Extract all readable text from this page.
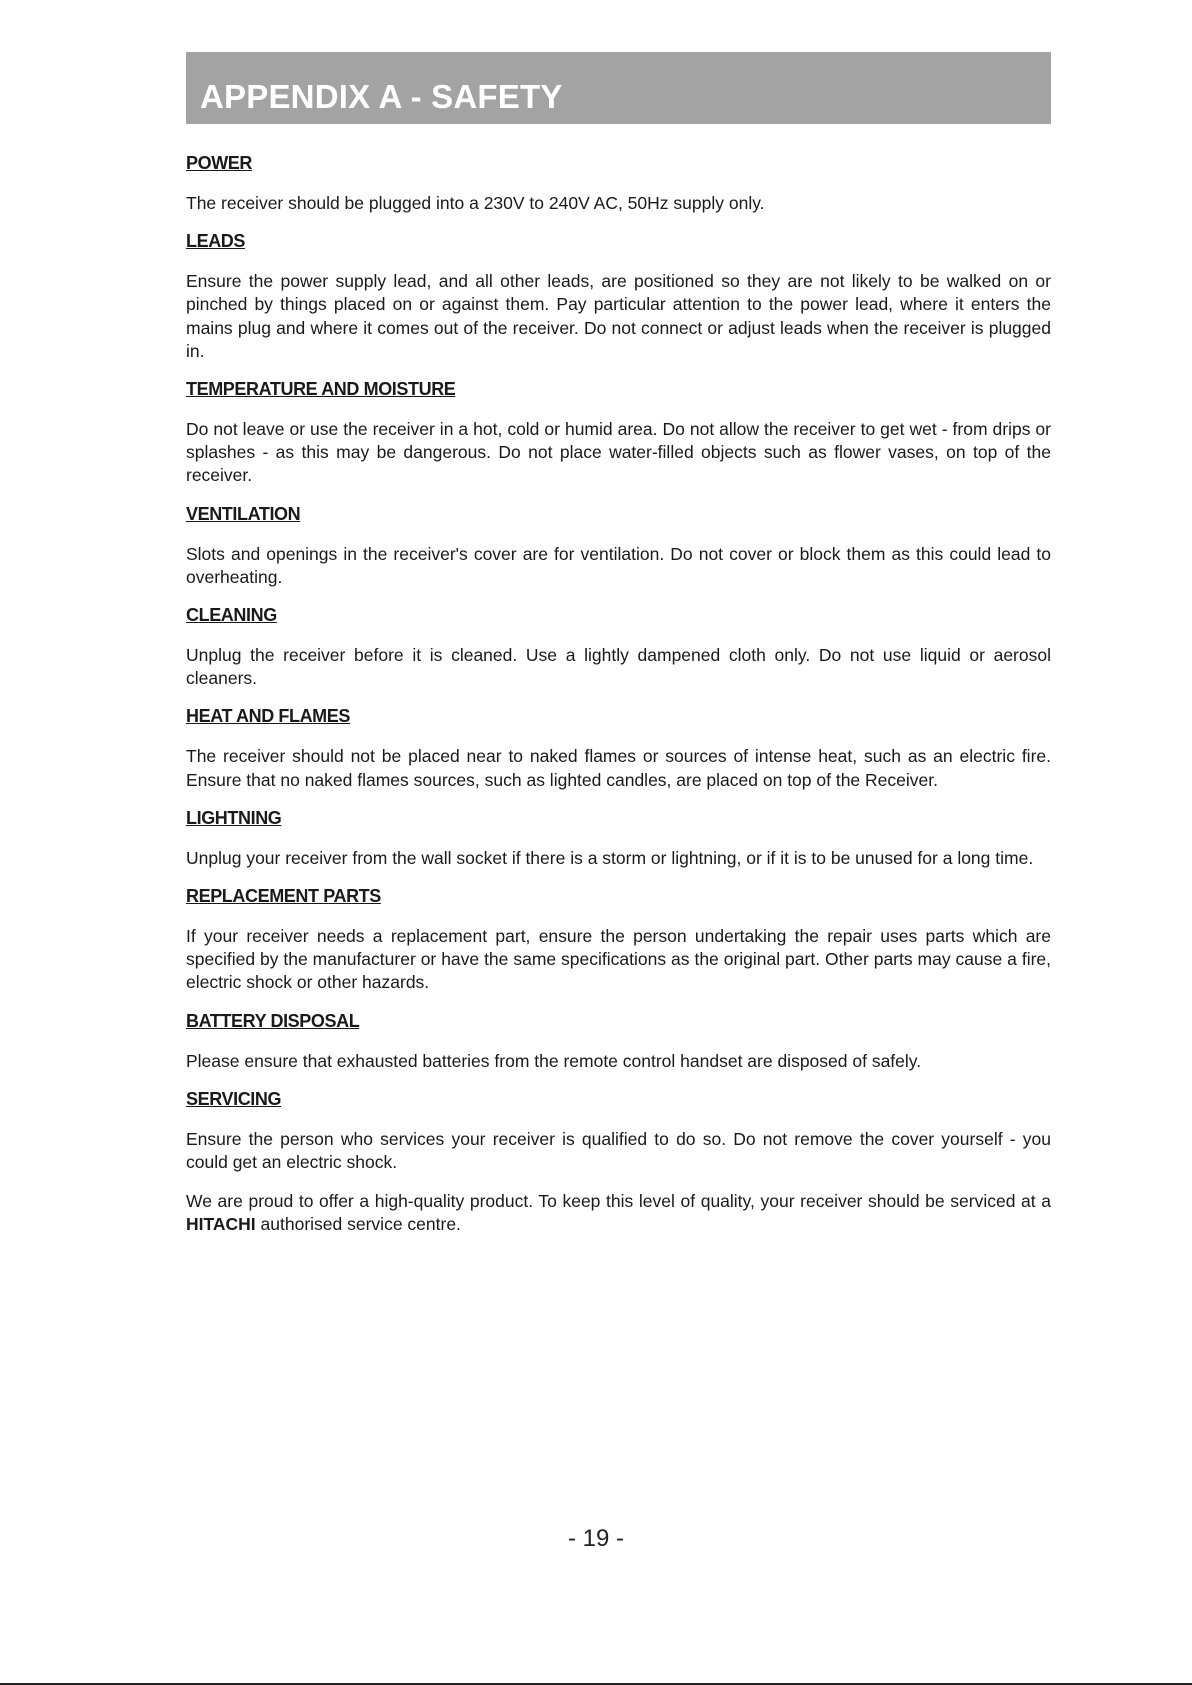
APPENDIX A - SAFETY
POWER

The receiver should be plugged into a 230V to 240V AC, 50Hz supply only.

LEADS

Ensure the power supply lead, and all other leads, are positioned so they are not likely to be walked on or pinched by things placed on or against them. Pay particular attention to the power lead, where it enters the mains plug and where it comes out of the receiver. Do not connect or adjust leads when the receiver is plugged in.

TEMPERATURE AND MOISTURE

Do not leave or use the receiver in a hot, cold or humid area. Do not allow the receiver to get wet - from drips or splashes - as this may be dangerous. Do not place water-filled objects such as flower vases, on top of the receiver.

VENTILATION

Slots and openings in the receiver's cover are for ventilation. Do not cover or block them as this could lead to overheating.

CLEANING

Unplug the receiver before it is cleaned. Use a lightly dampened cloth only. Do not use liquid or aerosol cleaners.

HEAT AND FLAMES

The receiver should not be placed near to naked flames or sources of intense heat, such as an electric fire. Ensure that no naked flames sources, such as lighted candles, are placed on top of the Receiver.

LIGHTNING

Unplug your receiver from the wall socket if there is a storm or lightning, or if it is to be unused for a long time.

REPLACEMENT PARTS

If your receiver needs a replacement part, ensure the person undertaking the repair uses parts which are specified by the manufacturer or have the same specifications as the original part. Other parts may cause a fire, electric shock or other hazards.

BATTERY DISPOSAL

Please ensure that exhausted batteries from the remote control handset are disposed of safely.

SERVICING

Ensure the person who services your receiver is qualified to do so. Do not remove the cover yourself - you could get an electric shock.

We are proud to offer a high-quality product. To keep this level of quality, your receiver should be serviced at a HITACHI authorised service centre.

- 19 -
